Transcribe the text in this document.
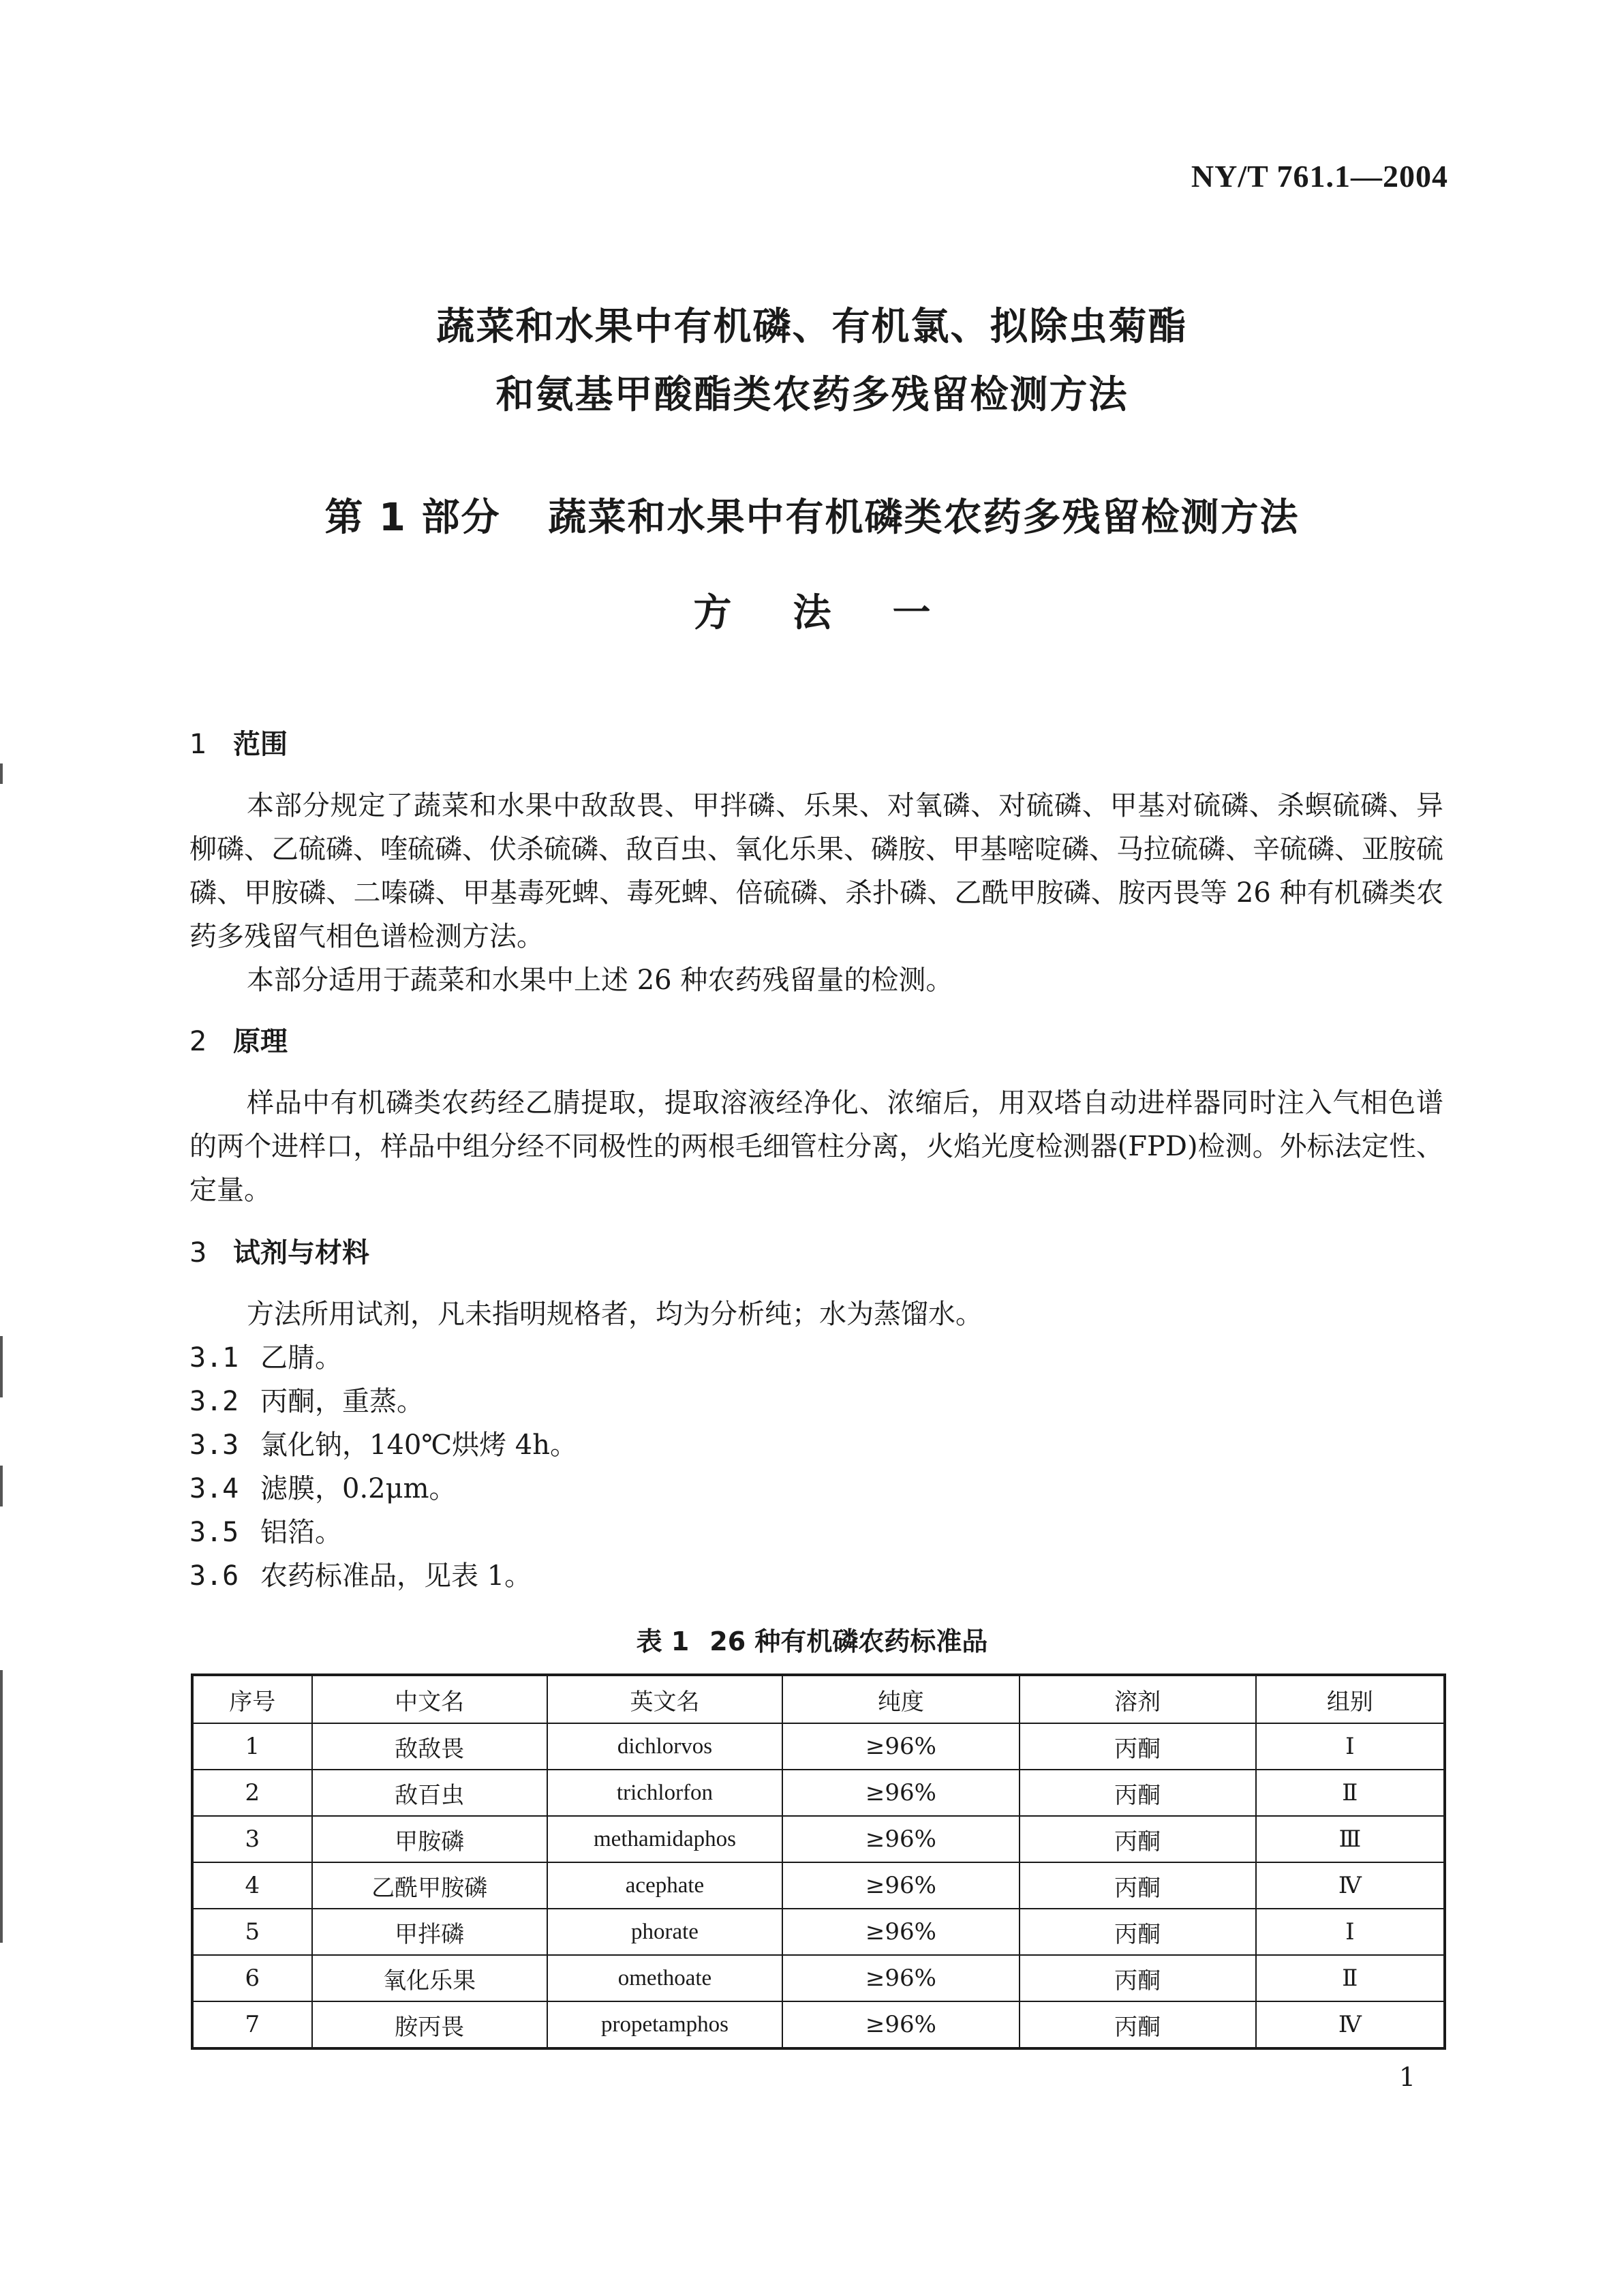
NY/T 761.1—2004
蔬菜和水果中有机磷、有机氯、拟除虫菊酯
和氨基甲酸酯类农药多残留检测方法
第 1 部分 蔬菜和水果中有机磷类农药多残留检测方法
方法一
1 范围

本部分规定了蔬菜和水果中敌敌畏、甲拌磷、乐果、对氧磷、对硫磷、甲基对硫磷、杀螟硫磷、异柳磷、乙硫磷、喹硫磷、伏杀硫磷、敌百虫、氧化乐果、磷胺、甲基嘧啶磷、马拉硫磷、辛硫磷、亚胺硫磷、甲胺磷、二嗪磷、甲基毒死蜱、毒死蜱、倍硫磷、杀扑磷、乙酰甲胺磷、胺丙畏等 26 种有机磷类农药多残留气相色谱检测方法。

本部分适用于蔬菜和水果中上述 26 种农药残留量的检测。

2 原理

样品中有机磷类农药经乙腈提取，提取溶液经净化、浓缩后，用双塔自动进样器同时注入气相色谱的两个进样口，样品中组分经不同极性的两根毛细管柱分离，火焰光度检测器(FPD)检测。外标法定性、定量。

3 试剂与材料

方法所用试剂，凡未指明规格者，均为分析纯；水为蒸馏水。

3.1 乙腈。
3.2 丙酮，重蒸。
3.3 氯化钠，140℃烘烤 4h。
3.4 滤膜，0.2μm。
3.5 铝箔。
3.6 农药标准品，见表 1。
表 1 26 种有机磷农药标准品
序号	中文名	英文名	纯度	溶剂	组别
1	敌敌畏	dichlorvos	≥96%	丙酮	Ⅰ
2	敌百虫	trichlorfon	≥96%	丙酮	Ⅱ
3	甲胺磷	methamidaphos	≥96%	丙酮	Ⅲ
4	乙酰甲胺磷	acephate	≥96%	丙酮	Ⅳ
5	甲拌磷	phorate	≥96%	丙酮	Ⅰ
6	氧化乐果	omethoate	≥96%	丙酮	Ⅱ
7	胺丙畏	propetamphos	≥96%	丙酮	Ⅳ
1
